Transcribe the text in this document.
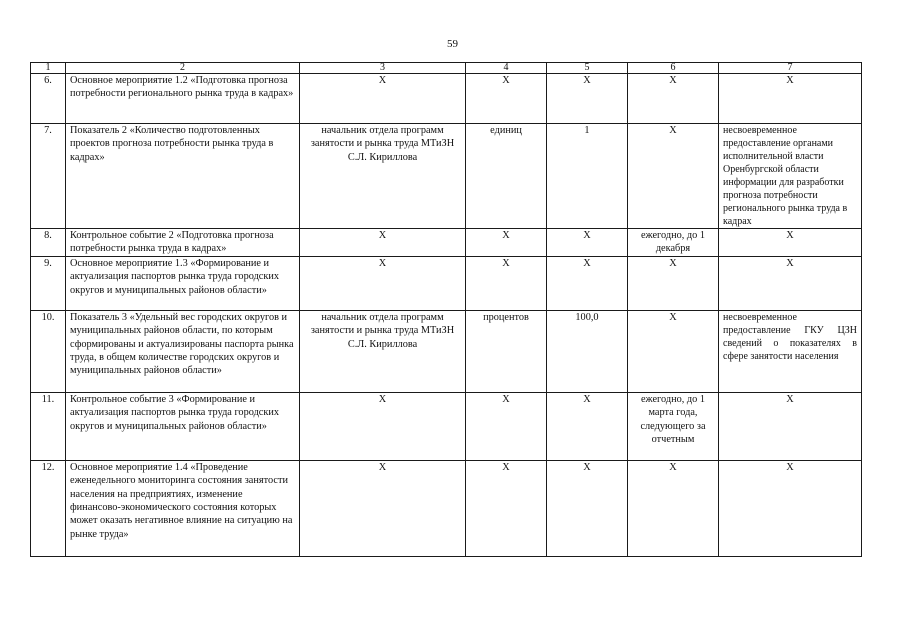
59
1	2	3	4	5	6	7
6.	Основное мероприятие 1.2 «Подготовка прогноза потребности регионального рынка труда в кадрах»	Х	Х	Х	Х	Х
7.	Показатель 2 «Количество подготовленных проектов прогноза потребности рынка труда в кадрах»	начальник отдела программ занятости и рынка труда МТиЗН С.Л. Кириллова	единиц	1	Х	несвоевременное предоставление органами исполнительной власти Оренбургской области информации для разработки прогноза потребности регионального рынка труда в кадрах
8.	Контрольное событие 2 «Подготовка прогноза потребности рынка труда в кадрах»	Х	Х	Х	ежегодно, до 1 декабря	Х
9.	Основное мероприятие 1.3 «Формирование и актуализация паспортов рынка труда городских округов и муниципальных районов области»	Х	Х	Х	Х	Х
10.	Показатель 3 «Удельный вес городских округов и муниципальных районов области, по которым сформированы и актуализированы паспорта рынка труда, в общем количестве городских округов и муниципальных районов области»	начальник отдела программ занятости и рынка труда МТиЗН С.Л. Кириллова	процентов	100,0	Х	несвоевременное предоставление ГКУ ЦЗН сведений о показателях в сфере занятости населения
11.	Контрольное событие 3 «Формирование и актуализация паспортов рынка труда городских округов и муниципальных районов области»	Х	Х	Х	ежегодно, до 1 марта года, следующего за отчетным	Х
12.	Основное мероприятие 1.4 «Проведение еженедельного мониторинга состояния занятости населения на предприятиях, изменение финансово-экономического состояния которых может оказать негативное влияние на ситуацию на рынке труда»	Х	Х	Х	Х	Х
